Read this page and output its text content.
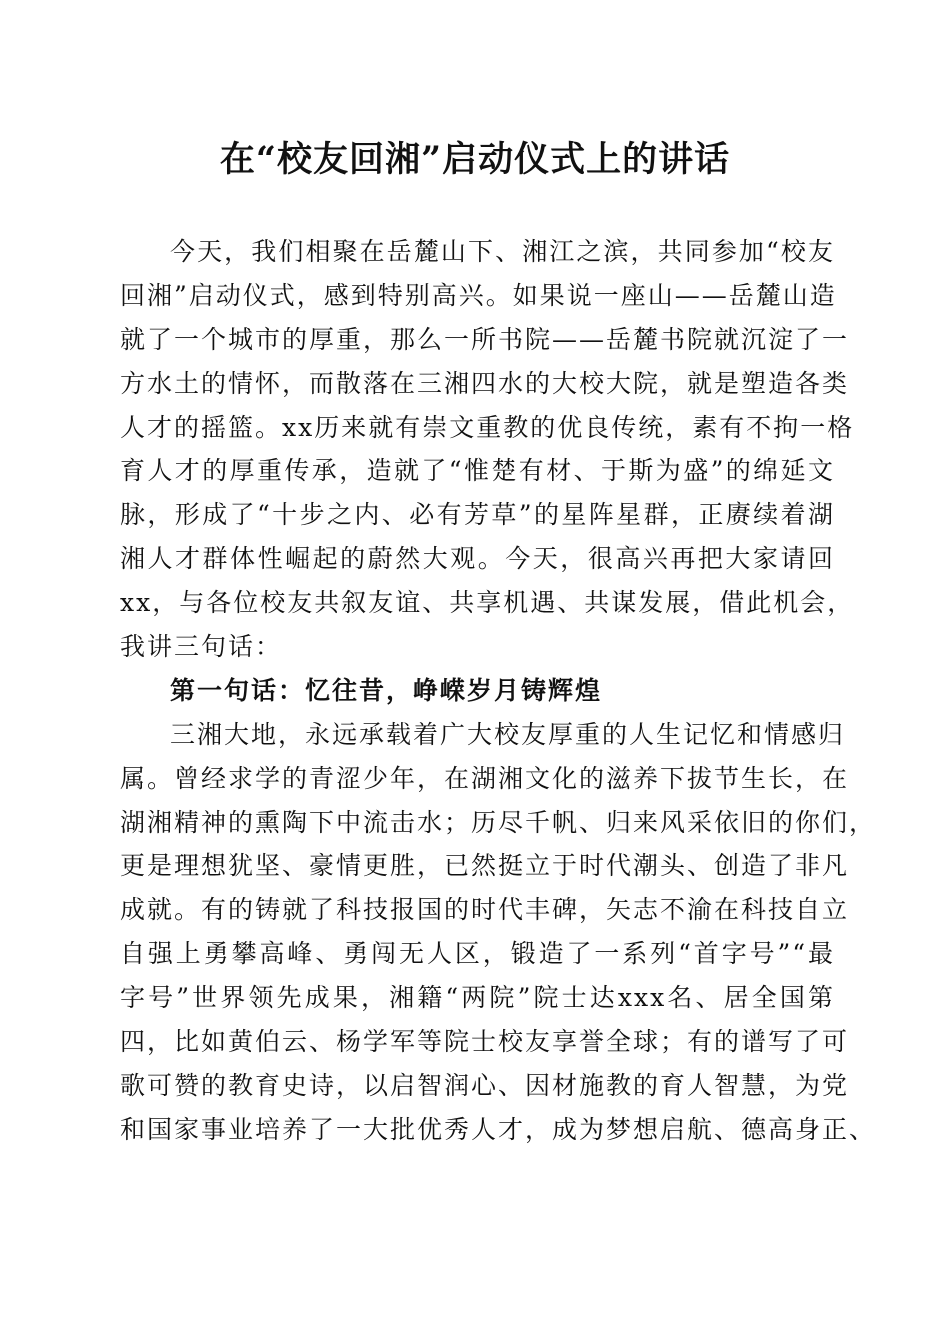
在“校友回湘”启动仪式上的讲话
今天，我们相聚在岳麓山下、湘江之滨，共同参加“校友
回湘”启动仪式，感到特别高兴。如果说一座山——岳麓山造
就了一个城市的厚重，那么一所书院——岳麓书院就沉淀了一
方水土的情怀，而散落在三湘四水的大校大院，就是塑造各类
人才的摇篮。xx历来就有崇文重教的优良传统，素有不拘一格
育人才的厚重传承，造就了“惟楚有材、于斯为盛”的绵延文
脉，形成了“十步之内、必有芳草”的星阵星群，正赓续着湖
湘人才群体性崛起的蔚然大观。今天，很高兴再把大家请回
xx，与各位校友共叙友谊、共享机遇、共谋发展，借此机会，
我讲三句话：
第一句话：忆往昔，峥嵘岁月铸辉煌
三湘大地，永远承载着广大校友厚重的人生记忆和情感归
属。曾经求学的青涩少年，在湖湘文化的滋养下拔节生长，在
湖湘精神的熏陶下中流击水；历尽千帆、归来风采依旧的你们，
更是理想犹坚、豪情更胜，已然挺立于时代潮头、创造了非凡
成就。有的铸就了科技报国的时代丰碑，矢志不渝在科技自立
自强上勇攀高峰、勇闯无人区，锻造了一系列“首字号”“最
字号”世界领先成果，湘籍“两院”院士达xxx名、居全国第
四，比如黄伯云、杨学军等院士校友享誉全球；有的谱写了可
歌可赞的教育史诗，以启智润心、因材施教的育人智慧，为党
和国家事业培养了一大批优秀人才，成为梦想启航、德高身正、
